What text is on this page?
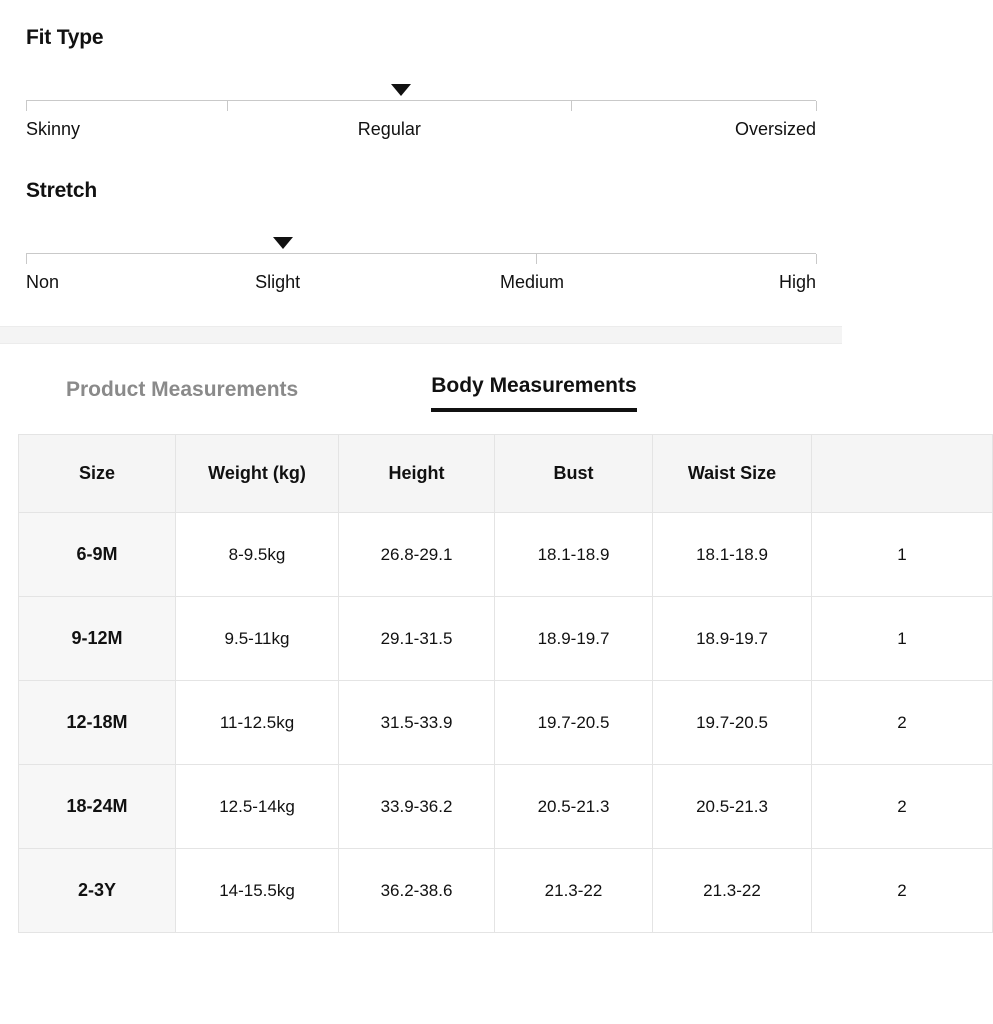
Fit Type
Skinny	Regular	Oversized
Stretch
Non	Slight	Medium	High
Product Measurements	Body Measurements
Size	Weight (kg)	Height	Bust	Waist Size	
6-9M	8-9.5kg	26.8-29.1	18.1-18.9	18.1-18.9	1
9-12M	9.5-11kg	29.1-31.5	18.9-19.7	18.9-19.7	1
12-18M	11-12.5kg	31.5-33.9	19.7-20.5	19.7-20.5	2
18-24M	12.5-14kg	33.9-36.2	20.5-21.3	20.5-21.3	2
2-3Y	14-15.5kg	36.2-38.6	21.3-22	21.3-22	2
